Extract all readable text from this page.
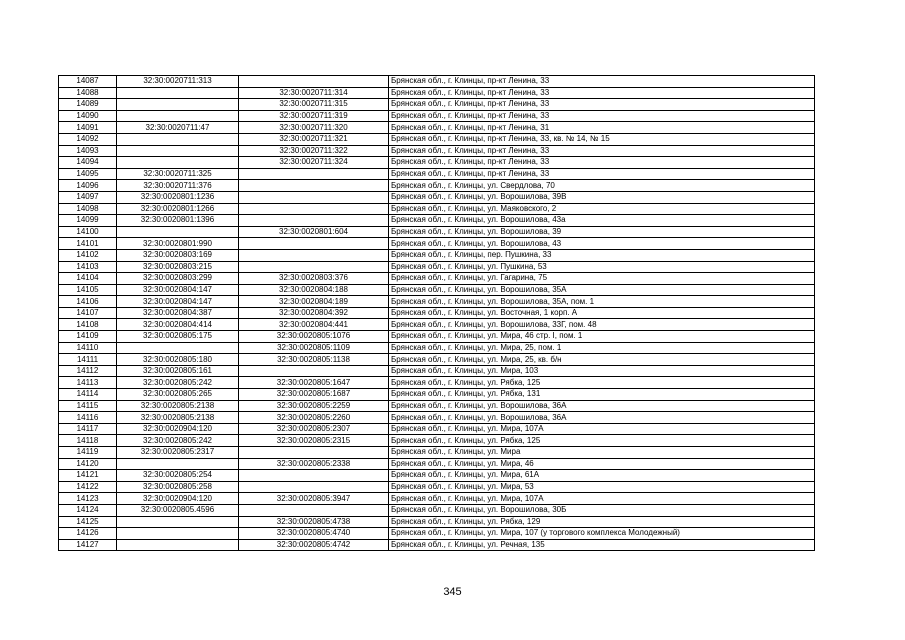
14087	32:30:0020711:313		Брянская обл., г. Клинцы, пр-кт Ленина, 33
14088		32:30:0020711:314	Брянская обл., г. Клинцы, пр-кт Ленина, 33
14089		32:30:0020711:315	Брянская обл., г. Клинцы, пр-кт Ленина, 33
14090		32:30:0020711:319	Брянская обл., г. Клинцы, пр-кт Ленина, 33
14091	32:30:0020711:47	32:30:0020711:320	Брянская обл., г. Клинцы, пр-кт Ленина, 31
14092		32:30:0020711:321	Брянская обл., г. Клинцы, пр-кт Ленина, 33, кв. № 14, № 15
14093		32:30:0020711:322	Брянская обл., г. Клинцы, пр-кт Ленина, 33
14094		32:30:0020711:324	Брянская обл., г. Клинцы, пр-кт Ленина, 33
14095	32:30:0020711:325		Брянская обл., г. Клинцы, пр-кт Ленина, 33
14096	32:30:0020711:376		Брянская обл., г. Клинцы, ул. Свердлова, 70
14097	32:30:0020801:1236		Брянская обл., г. Клинцы, ул. Ворошилова, 39В
14098	32:30:0020801:1266		Брянская обл., г. Клинцы, ул. Маяковского, 2
14099	32:30:0020801:1396		Брянская обл., г. Клинцы, ул. Ворошилова, 43а
14100		32:30:0020801:604	Брянская обл., г. Клинцы, ул. Ворошилова, 39
14101	32:30:0020801:990		Брянская обл., г. Клинцы, ул. Ворошилова, 43
14102	32:30:0020803:169		Брянская обл., г. Клинцы, пер. Пушкина, 33
14103	32:30:0020803:215		Брянская обл., г. Клинцы, ул. Пушкина, 53
14104	32:30:0020803:299	32:30:0020803:376	Брянская обл., г. Клинцы, ул. Гагарина, 75
14105	32:30:0020804:147	32:30:0020804:188	Брянская обл., г. Клинцы, ул. Ворошилова, 35А
14106	32:30:0020804:147	32:30:0020804:189	Брянская обл., г. Клинцы, ул. Ворошилова, 35А, пом. 1
14107	32:30:0020804:387	32:30:0020804:392	Брянская обл., г. Клинцы, ул. Восточная, 1 корп. А
14108	32:30:0020804:414	32:30:0020804:441	Брянская обл., г. Клинцы, ул. Ворошилова, 33Г, пом. 48
14109	32:30:0020805:175	32:30:0020805:1076	Брянская обл., г. Клинцы, ул. Мира, 46 стр. I, пом. 1
14110		32:30:0020805:1109	Брянская обл., г. Клинцы, ул. Мира, 25, пом. 1
14111	32:30:0020805:180	32:30:0020805:1138	Брянская обл., г. Клинцы, ул. Мира, 25, кв. б/н
14112	32:30:0020805:161		Брянская обл., г. Клинцы, ул. Мира, 103
14113	32:30:0020805:242	32:30:0020805:1647	Брянская обл., г. Клинцы, ул. Рябка, 125
14114	32:30:0020805:265	32:30:0020805:1687	Брянская обл., г. Клинцы, ул. Рябка, 131
14115	32:30:0020805:2138	32:30:0020805:2259	Брянская обл., г. Клинцы, ул. Ворошилова, 36А
14116	32:30:0020805:2138	32:30:0020805:2260	Брянская обл., г. Клинцы, ул. Ворошилова, 36А
14117	32:30:0020904:120	32:30:0020805:2307	Брянская обл., г. Клинцы, ул. Мира, 107А
14118	32:30:0020805:242	32:30:0020805:2315	Брянская обл., г. Клинцы, ул. Рябка, 125
14119	32:30:0020805:2317		Брянская обл., г. Клинцы, ул. Мира
14120		32:30:0020805:2338	Брянская обл., г. Клинцы, ул. Мира, 46
14121	32:30:0020805:254		Брянская обл., г. Клинцы, ул. Мира, 61А
14122	32:30:0020805:258		Брянская обл., г. Клинцы, ул. Мира, 53
14123	32:30:0020904:120	32:30:0020805:3947	Брянская обл., г. Клинцы, ул. Мира, 107А
14124	32:30:0020805.4596		Брянская обл., г. Клинцы, ул. Ворошилова, 30Б
14125		32:30:0020805:4738	Брянская обл., г. Клинцы, ул. Рябка, 129
14126		32:30:0020805:4740	Брянская обл., г. Клинцы, ул. Мира, 107 (у торгового комплекса Молодежный)
14127		32:30:0020805:4742	Брянская обл., г. Клинцы, ул. Речная, 135
345
